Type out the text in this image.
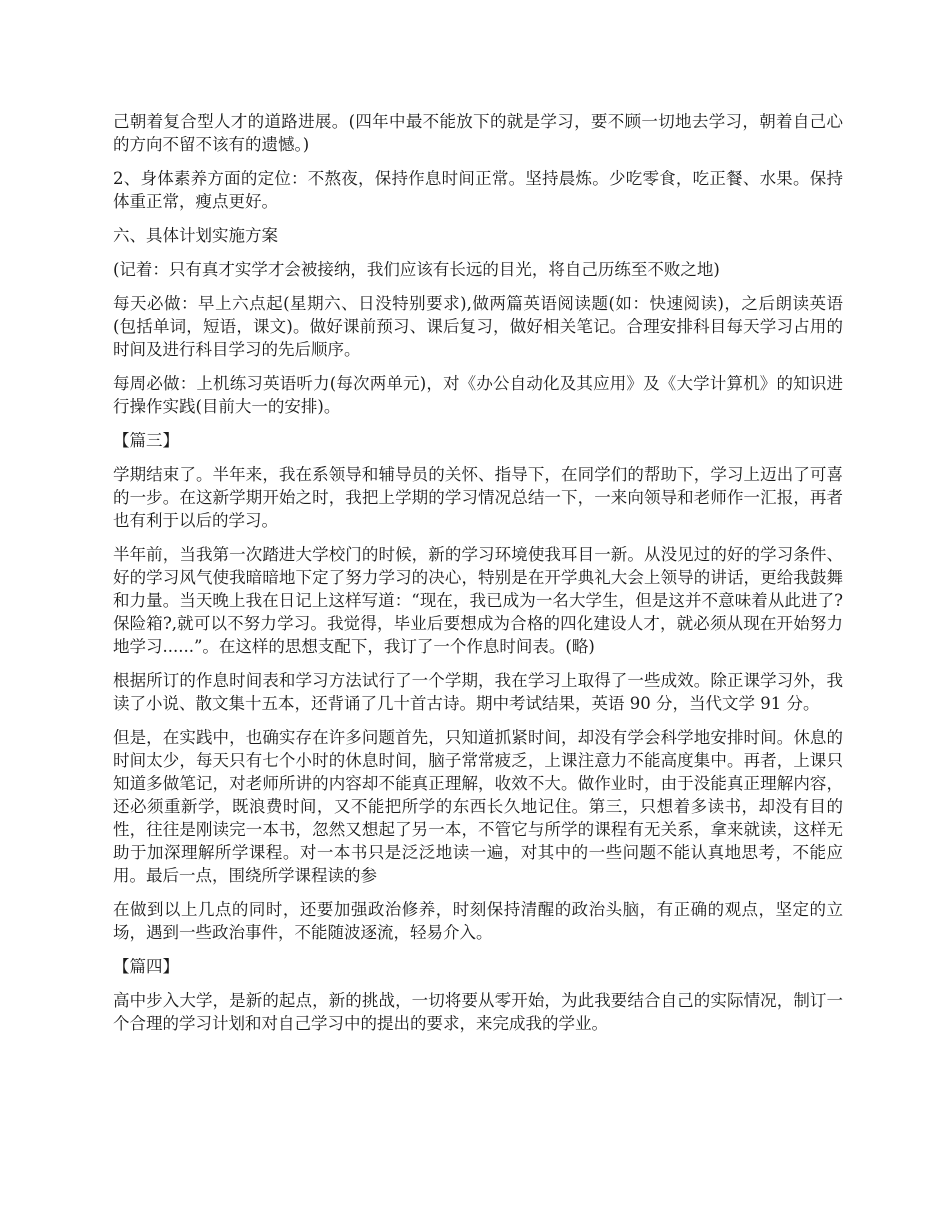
己朝着复合型人才的道路进展。(四年中最不能放下的就是学习，要不顾一切地去学习，朝着自己心的方向不留不该有的遗憾。)

2、身体素养方面的定位：不熬夜，保持作息时间正常。坚持晨炼。少吃零食，吃正餐、水果。保持体重正常，瘦点更好。

六、具体计划实施方案

(记着：只有真才实学才会被接纳，我们应该有长远的目光，将自己历练至不败之地)

每天必做：早上六点起(星期六、日没特别要求),做两篇英语阅读题(如：快速阅读)，之后朗读英语(包括单词，短语，课文)。做好课前预习、课后复习，做好相关笔记。合理安排科目每天学习占用的时间及进行科目学习的先后顺序。

每周必做：上机练习英语听力(每次两单元)，对《办公自动化及其应用》及《大学计算机》的知识进行操作实践(目前大一的安排)。

【篇三】

学期结束了。半年来，我在系领导和辅导员的关怀、指导下，在同学们的帮助下，学习上迈出了可喜的一步。在这新学期开始之时，我把上学期的学习情况总结一下，一来向领导和老师作一汇报，再者也有利于以后的学习。

半年前，当我第一次踏进大学校门的时候，新的学习环境使我耳目一新。从没见过的好的学习条件、好的学习风气使我暗暗地下定了努力学习的决心，特别是在开学典礼大会上领导的讲话，更给我鼓舞和力量。当天晚上我在日记上这样写道：“现在，我已成为一名大学生，但是这并不意味着从此进了?保险箱?,就可以不努力学习。我觉得，毕业后要想成为合格的四化建设人才，就必须从现在开始努力地学习......”。在这样的思想支配下，我订了一个作息时间表。(略)

根据所订的作息时间表和学习方法试行了一个学期，我在学习上取得了一些成效。除正课学习外，我读了小说、散文集十五本，还背诵了几十首古诗。期中考试结果，英语 90 分，当代文学 91 分。

但是，在实践中，也确实存在许多问题首先，只知道抓紧时间，却没有学会科学地安排时间。休息的时间太少，每天只有七个小时的休息时间，脑子常常疲乏，上课注意力不能高度集中。再者，上课只知道多做笔记，对老师所讲的内容却不能真正理解，收效不大。做作业时，由于没能真正理解内容，还必须重新学，既浪费时间，又不能把所学的东西长久地记住。第三，只想着多读书，却没有目的性，往往是刚读完一本书，忽然又想起了另一本，不管它与所学的课程有无关系，拿来就读，这样无助于加深理解所学课程。对一本书只是泛泛地读一遍，对其中的一些问题不能认真地思考，不能应用。最后一点，围绕所学课程读的参

在做到以上几点的同时，还要加强政治修养，时刻保持清醒的政治头脑，有正确的观点，坚定的立场，遇到一些政治事件，不能随波逐流，轻易介入。

【篇四】

高中步入大学，是新的起点，新的挑战，一切将要从零开始，为此我要结合自己的实际情况，制订一个合理的学习计划和对自己学习中的提出的要求，来完成我的学业。
